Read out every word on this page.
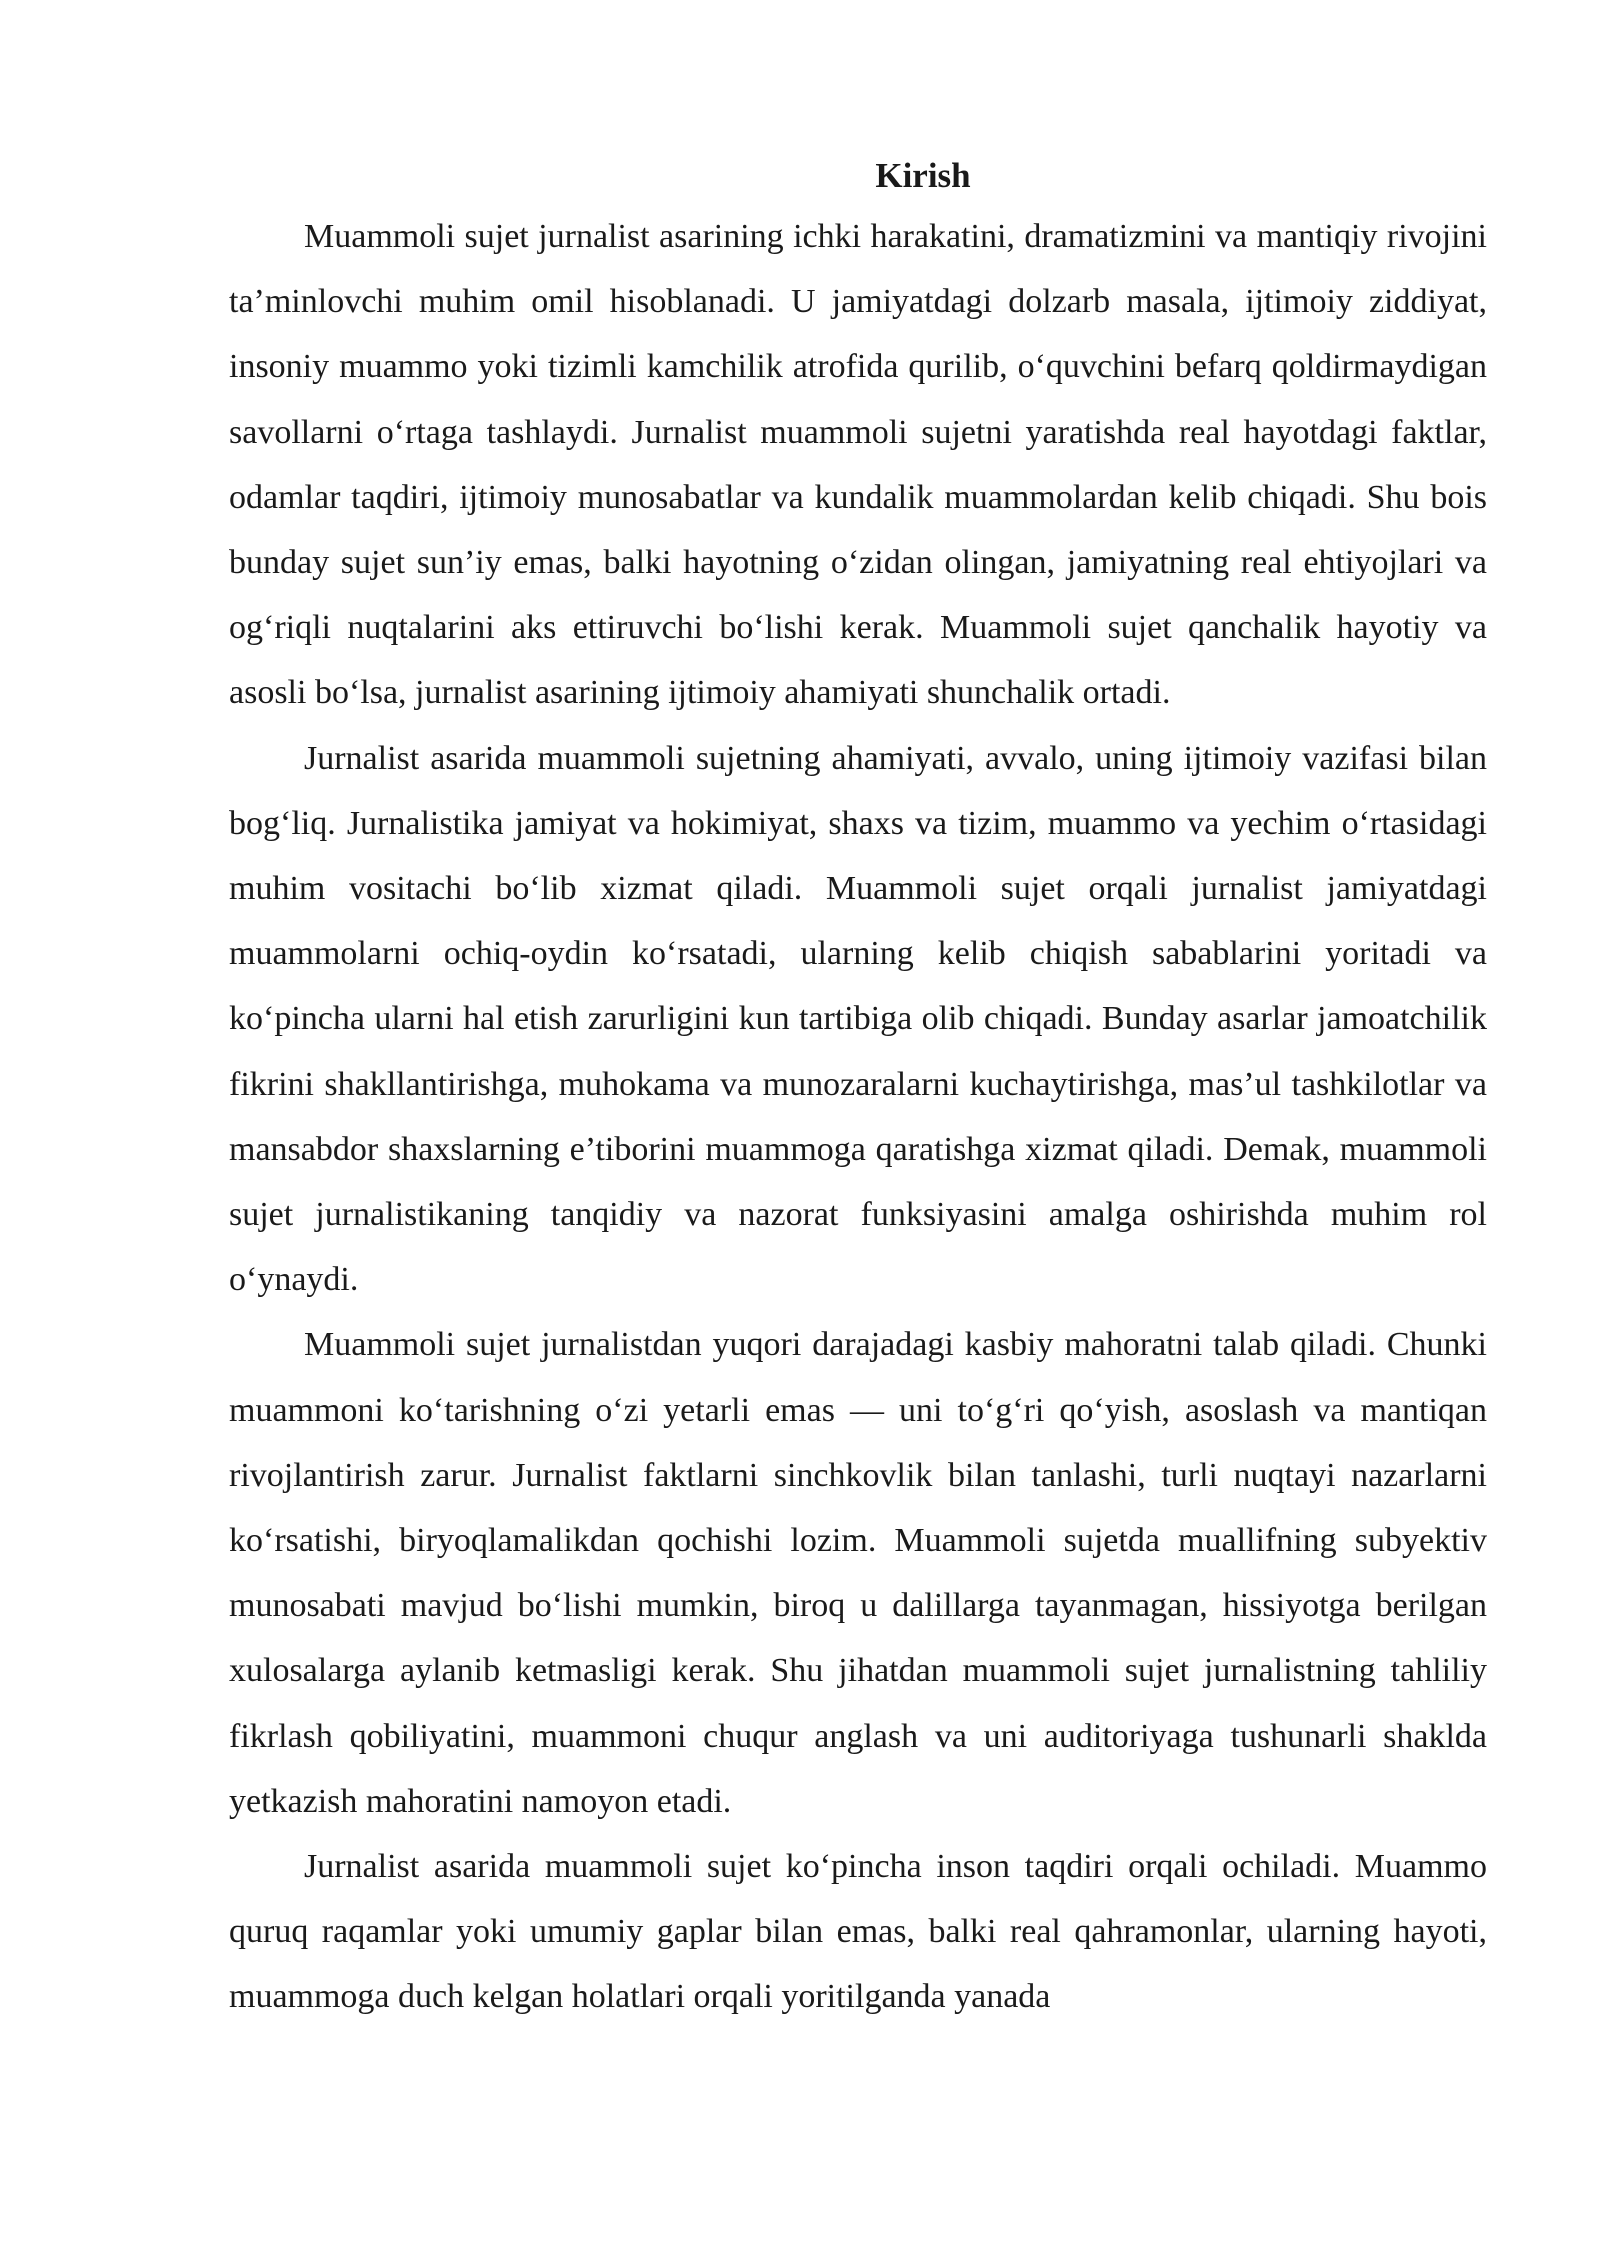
Kirish

Muammoli sujet jurnalist asarining ichki harakatini, dramatizmini va mantiqiy rivojini ta’minlovchi muhim omil hisoblanadi. U jamiyatdagi dolzarb masala, ijtimoiy ziddiyat, insoniy muammo yoki tizimli kamchilik atrofida qurilib, o‘quvchini befarq qoldirmaydigan savollarni o‘rtaga tashlaydi. Jurnalist muammoli sujetni yaratishda real hayotdagi faktlar, odamlar taqdiri, ijtimoiy munosabatlar va kundalik muammolardan kelib chiqadi. Shu bois bunday sujet sun’iy emas, balki hayotning o‘zidan olingan, jamiyatning real ehtiyojlari va og‘riqli nuqtalarini aks ettiruvchi bo‘lishi kerak. Muammoli sujet qanchalik hayotiy va asosli bo‘lsa, jurnalist asarining ijtimoiy ahamiyati shunchalik ortadi.

Jurnalist asarida muammoli sujetning ahamiyati, avvalo, uning ijtimoiy vazifasi bilan bog‘liq. Jurnalistika jamiyat va hokimiyat, shaxs va tizim, muammo va yechim o‘rtasidagi muhim vositachi bo‘lib xizmat qiladi. Muammoli sujet orqali jurnalist jamiyatdagi muammolarni ochiq-oydin ko‘rsatadi, ularning kelib chiqish sabablarini yoritadi va ko‘pincha ularni hal etish zarurligini kun tartibiga olib chiqadi. Bunday asarlar jamoatchilik fikrini shakllantirishga, muhokama va munozaralarni kuchaytirishga, mas’ul tashkilotlar va mansabdor shaxslarning e’tiborini muammoga qaratishga xizmat qiladi. Demak, muammoli sujet jurnalistikaning tanqidiy va nazorat funksiyasini amalga oshirishda muhim rol o‘ynaydi.

Muammoli sujet jurnalistdan yuqori darajadagi kasbiy mahoratni talab qiladi. Chunki muammoni ko‘tarishning o‘zi yetarli emas — uni to‘g‘ri qo‘yish, asoslash va mantiqan rivojlantirish zarur. Jurnalist faktlarni sinchkovlik bilan tanlashi, turli nuqtayi nazarlarni ko‘rsatishi, biryoqlamalikdan qochishi lozim. Muammoli sujetda muallifning subyektiv munosabati mavjud bo‘lishi mumkin, biroq u dalillarga tayanmagan, hissiyotga berilgan xulosalarga aylanib ketmasligi kerak. Shu jihatdan muammoli sujet jurnalistning tahliliy fikrlash qobiliyatini, muammoni chuqur anglash va uni auditoriyaga tushunarli shaklda yetkazish mahoratini namoyon etadi.

Jurnalist asarida muammoli sujet ko‘pincha inson taqdiri orqali ochiladi. Muammo quruq raqamlar yoki umumiy gaplar bilan emas, balki real qahramonlar, ularning hayoti, muammoga duch kelgan holatlari orqali yoritilganda yanada
